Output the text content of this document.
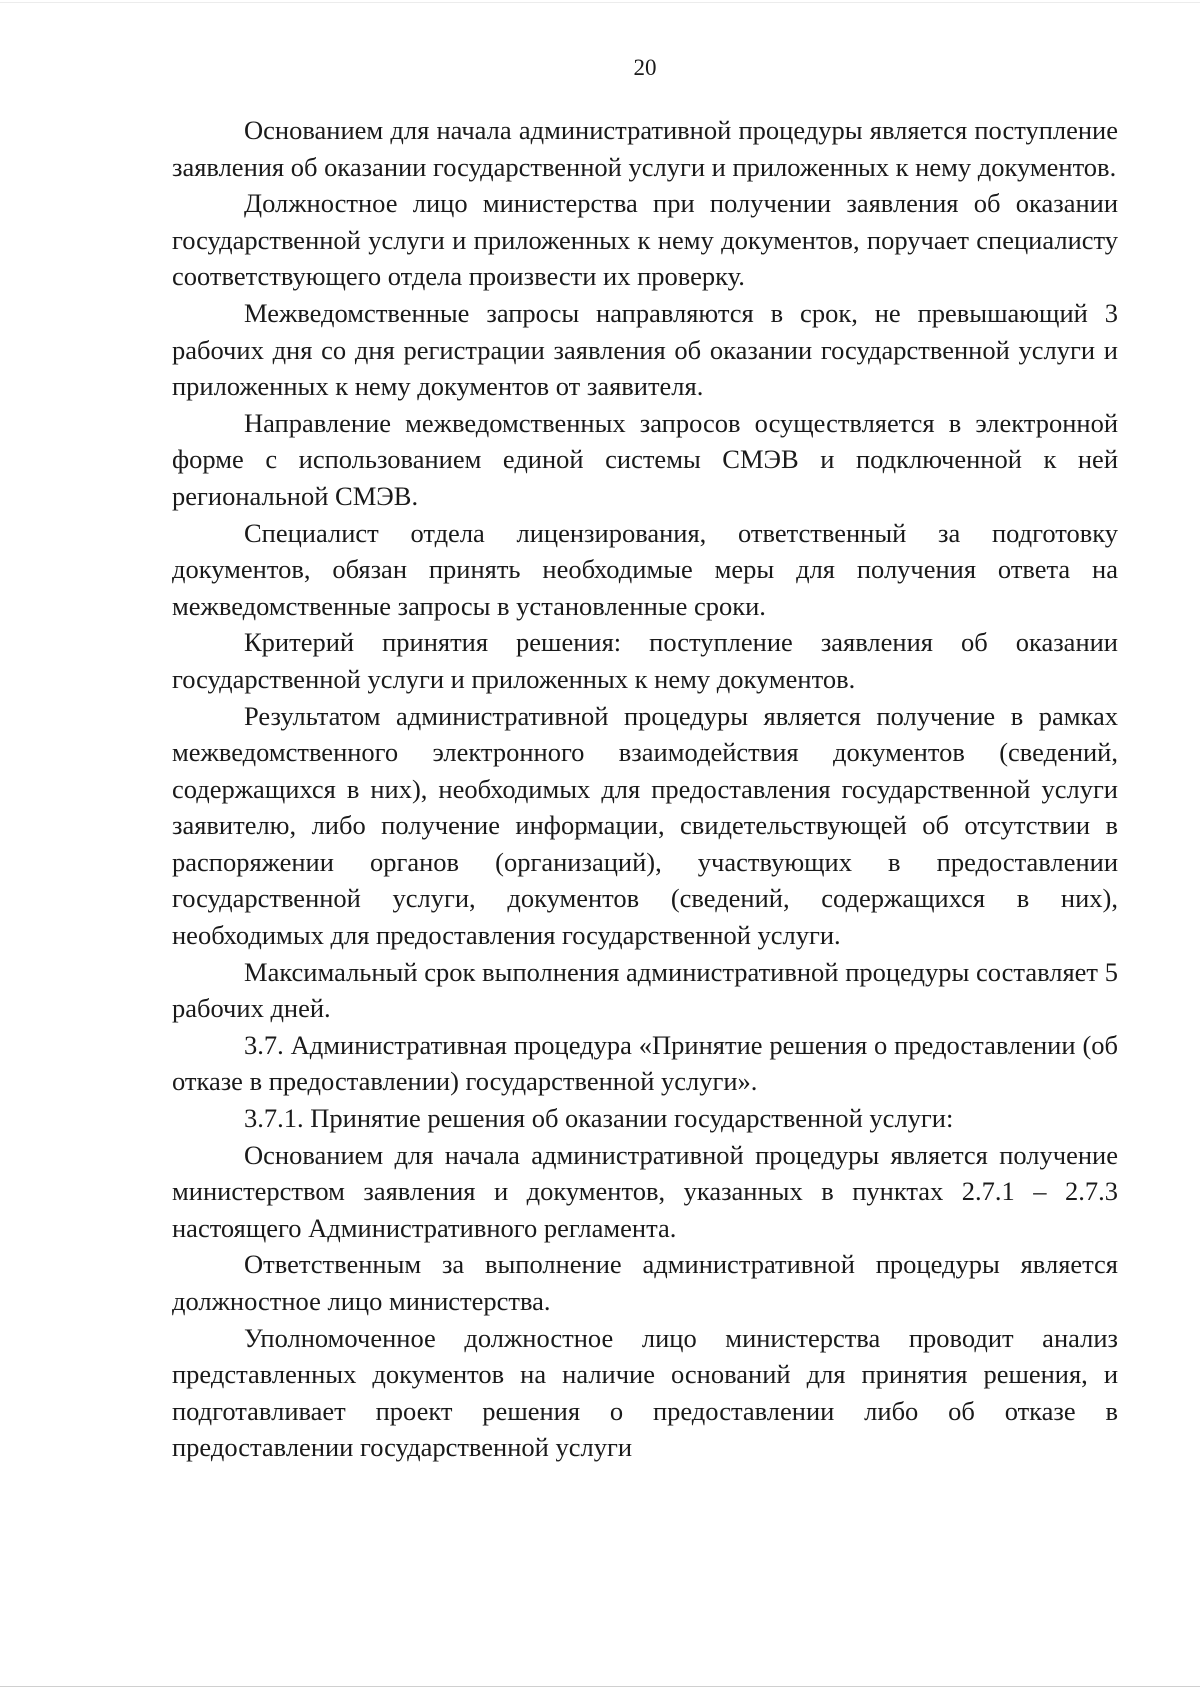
20

Основанием для начала административной процедуры является поступление заявления об оказании государственной услуги и приложенных к нему документов.

Должностное лицо министерства при получении заявления об оказании государственной услуги и приложенных к нему документов, поручает специалисту соответствующего отдела произвести их проверку.

Межведомственные запросы направляются в срок, не превышающий 3 рабочих дня со дня регистрации заявления об оказании государственной услуги и приложенных к нему документов от заявителя.

Направление межведомственных запросов осуществляется в электронной форме с использованием единой системы СМЭВ и подключенной к ней региональной СМЭВ.

Специалист отдела лицензирования, ответственный за подготовку документов, обязан принять необходимые меры для получения ответа на межведомственные запросы в установленные сроки.

Критерий принятия решения: поступление заявления об оказании государственной услуги и приложенных к нему документов.

Результатом административной процедуры является получение в рамках межведомственного электронного взаимодействия документов (сведений, содержащихся в них), необходимых для предоставления государственной услуги заявителю, либо получение информации, свидетельствующей об отсутствии в распоряжении органов (организаций), участвующих в предоставлении государственной услуги, документов (сведений, содержащихся в них), необходимых для предоставления государственной услуги.

Максимальный срок выполнения административной процедуры составляет 5 рабочих дней.

3.7. Административная процедура «Принятие решения о предоставлении (об отказе в предоставлении) государственной услуги».

3.7.1. Принятие решения об оказании государственной услуги:

Основанием для начала административной процедуры является получение министерством заявления и документов, указанных в пунктах 2.7.1 – 2.7.3 настоящего Административного регламента.

Ответственным за выполнение административной процедуры является должностное лицо министерства.

Уполномоченное должностное лицо министерства проводит анализ представленных документов на наличие оснований для принятия решения, и подготавливает проект решения о предоставлении либо об отказе в предоставлении государственной услуги
